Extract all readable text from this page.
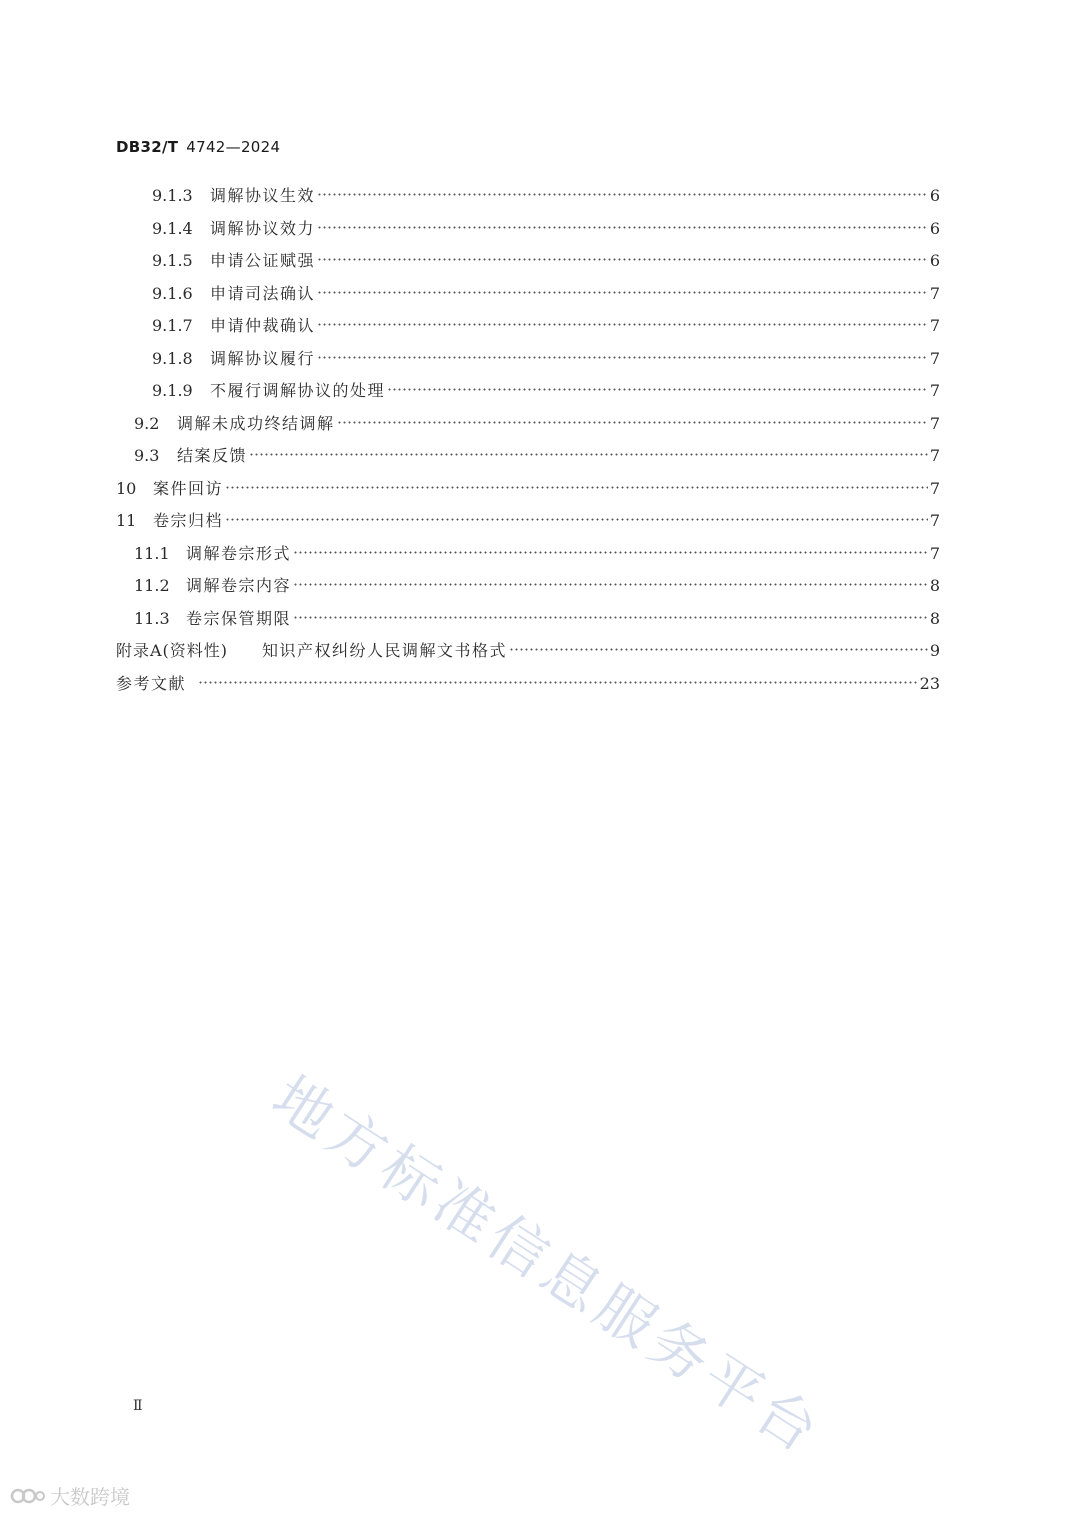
DB32/T 4742—2024
9.1.3	调解协议生效	6
9.1.4	调解协议效力	6
9.1.5	申请公证赋强	6
9.1.6	申请司法确认	7
9.1.7	申请仲裁确认	7
9.1.8	调解协议履行	7
9.1.9	不履行调解协议的处理	7
9.2	调解未成功终结调解	7
9.3	结案反馈	7
10	案件回访	7
11	卷宗归档	7
11.1	调解卷宗形式	7
11.2	调解卷宗内容	8
11.3	卷宗保管期限	8
附录A(资料性)	知识产权纠纷人民调解文书格式	9
参考文献	23
地方标准信息服务平台
Ⅱ
大数跨境
